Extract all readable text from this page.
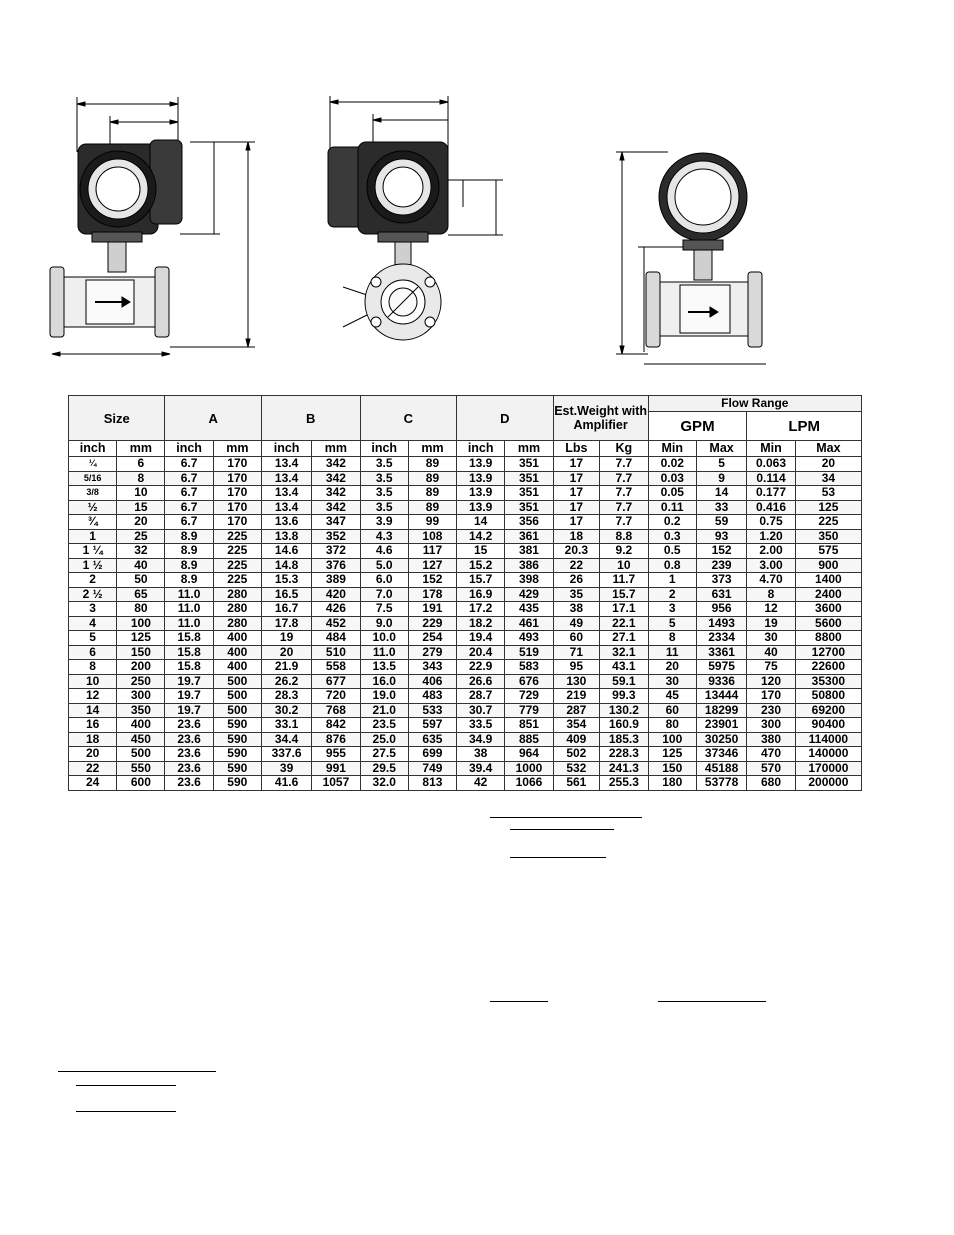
Size		A		B		C		D		Est.Weight with Amplifier		Flow Range			
												GPM		LPM	
inch	mm	inch	mm	inch	mm	inch	mm	inch	mm	Lbs	Kg	Min	Max	Min	Max
¼	6	6.7	170	13.4	342	3.5	89	13.9	351	17	7.7	0.02	5	0.063	20
5/16	8	6.7	170	13.4	342	3.5	89	13.9	351	17	7.7	0.03	9	0.114	34
3/8	10	6.7	170	13.4	342	3.5	89	13.9	351	17	7.7	0.05	14	0.177	53
½	15	6.7	170	13.4	342	3.5	89	13.9	351	17	7.7	0.11	33	0.416	125
¾	20	6.7	170	13.6	347	3.9	99	14	356	17	7.7	0.2	59	0.75	225
1	25	8.9	225	13.8	352	4.3	108	14.2	361	18	8.8	0.3	93	1.20	350
1 ¼	32	8.9	225	14.6	372	4.6	117	15	381	20.3	9.2	0.5	152	2.00	575
1 ½	40	8.9	225	14.8	376	5.0	127	15.2	386	22	10	0.8	239	3.00	900
2	50	8.9	225	15.3	389	6.0	152	15.7	398	26	11.7	1	373	4.70	1400
2 ½	65	11.0	280	16.5	420	7.0	178	16.9	429	35	15.7	2	631	8	2400
3	80	11.0	280	16.7	426	7.5	191	17.2	435	38	17.1	3	956	12	3600
4	100	11.0	280	17.8	452	9.0	229	18.2	461	49	22.1	5	1493	19	5600
5	125	15.8	400	19	484	10.0	254	19.4	493	60	27.1	8	2334	30	8800
6	150	15.8	400	20	510	11.0	279	20.4	519	71	32.1	11	3361	40	12700
8	200	15.8	400	21.9	558	13.5	343	22.9	583	95	43.1	20	5975	75	22600
10	250	19.7	500	26.2	677	16.0	406	26.6	676	130	59.1	30	9336	120	35300
12	300	19.7	500	28.3	720	19.0	483	28.7	729	219	99.3	45	13444	170	50800
14	350	19.7	500	30.2	768	21.0	533	30.7	779	287	130.2	60	18299	230	69200
16	400	23.6	590	33.1	842	23.5	597	33.5	851	354	160.9	80	23901	300	90400
18	450	23.6	590	34.4	876	25.0	635	34.9	885	409	185.3	100	30250	380	114000
20	500	23.6	590	337.6	955	27.5	699	38	964	502	228.3	125	37346	470	140000
22	550	23.6	590	39	991	29.5	749	39.4	1000	532	241.3	150	45188	570	170000
24	600	23.6	590	41.6	1057	32.0	813	42	1066	561	255.3	180	53778	680	200000
